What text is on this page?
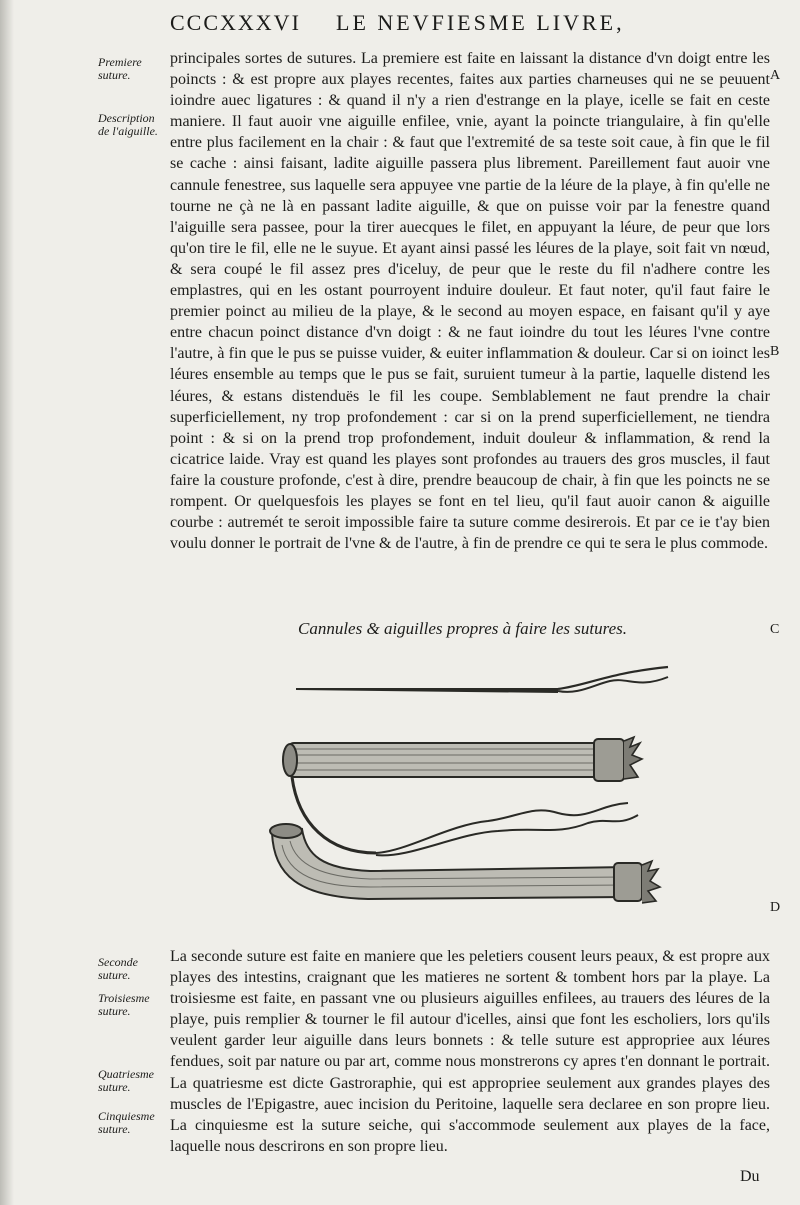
CCCXXXVI LE NEVFIESME LIVRE,
Premiere suture.
Description de l'aiguille.
Seconde suture.
Troisiesme suture.
Quatriesme suture.
Cinquiesme suture.
A
B
C
D

principales sortes de sutures. La premiere est faite en laissant la distance d'vn doigt entre les poincts : & est propre aux playes recentes, faites aux parties charneuses qui ne se peuuent ioindre auec ligatures : & quand il n'y a rien d'estrange en la playe, icelle se fait en ceste maniere. Il faut auoir vne aiguille enfilee, vnie, ayant la poincte triangulaire, à fin qu'elle entre plus facilement en la chair : & faut que l'extremité de sa teste soit caue, à fin que le fil se cache : ainsi faisant, ladite aiguille passera plus librement. Pareillement faut auoir vne cannule fenestree, sus laquelle sera appuyee vne partie de la léure de la playe, à fin qu'elle ne tourne ne çà ne là en passant ladite aiguille, & que on puisse voir par la fenestre quand l'aiguille sera passee, pour la tirer auecques le filet, en appuyant la léure, de peur que lors qu'on tire le fil, elle ne le suyue. Et ayant ainsi passé les léures de la playe, soit fait vn nœud, & sera coupé le fil assez pres d'iceluy, de peur que le reste du fil n'adhere contre les emplastres, qui en les ostant pourroyent induire douleur. Et faut noter, qu'il faut faire le premier poinct au milieu de la playe, & le second au moyen espace, en faisant qu'il y aye entre chacun poinct distance d'vn doigt : & ne faut ioindre du tout les léures l'vne contre l'autre, à fin que le pus se puisse vuider, & euiter inflammation & douleur. Car si on ioinct les léures ensemble au temps que le pus se fait, suruient tumeur à la partie, laquelle distend les léures, & estans distenduës le fil les coupe. Semblablement ne faut prendre la chair superficiellement, ny trop profondement : car si on la prend superficiellement, ne tiendra point : & si on la prend trop profondement, induit douleur & inflammation, & rend la cicatrice laide. Vray est quand les playes sont profondes au trauers des gros muscles, il faut faire la cousture profonde, c'est à dire, prendre beaucoup de chair, à fin que les poincts ne se rompent. Or quelquesfois les playes se font en tel lieu, qu'il faut auoir canon & aiguille courbe : autremét te seroit impossible faire ta suture comme desirerois. Et par ce ie t'ay bien voulu donner le portrait de l'vne & de l'autre, à fin de prendre ce qui te sera le plus commode.

Cannules & aiguilles propres à faire les sutures.

La seconde suture est faite en maniere que les peletiers cousent leurs peaux, & est propre aux playes des intestins, craignant que les matieres ne sortent & tombent hors par la playe. La troisiesme est faite, en passant vne ou plusieurs aiguilles enfilees, au trauers des léures de la playe, puis remplier & tourner le fil autour d'icelles, ainsi que font les escholiers, lors qu'ils veulent garder leur aiguille dans leurs bonnets : & telle suture est appropriee aux léures fendues, soit par nature ou par art, comme nous monstrerons cy apres t'en donnant le portrait. La quatriesme est dicte Gastroraphie, qui est appropriee seulement aux grandes playes des muscles de l'Epigastre, auec incision du Peritoine, laquelle sera declaree en son propre lieu. La cinquiesme est la suture seiche, qui s'accommode seulement aux playes de la face, laquelle nous descrirons en son propre lieu.

Du
